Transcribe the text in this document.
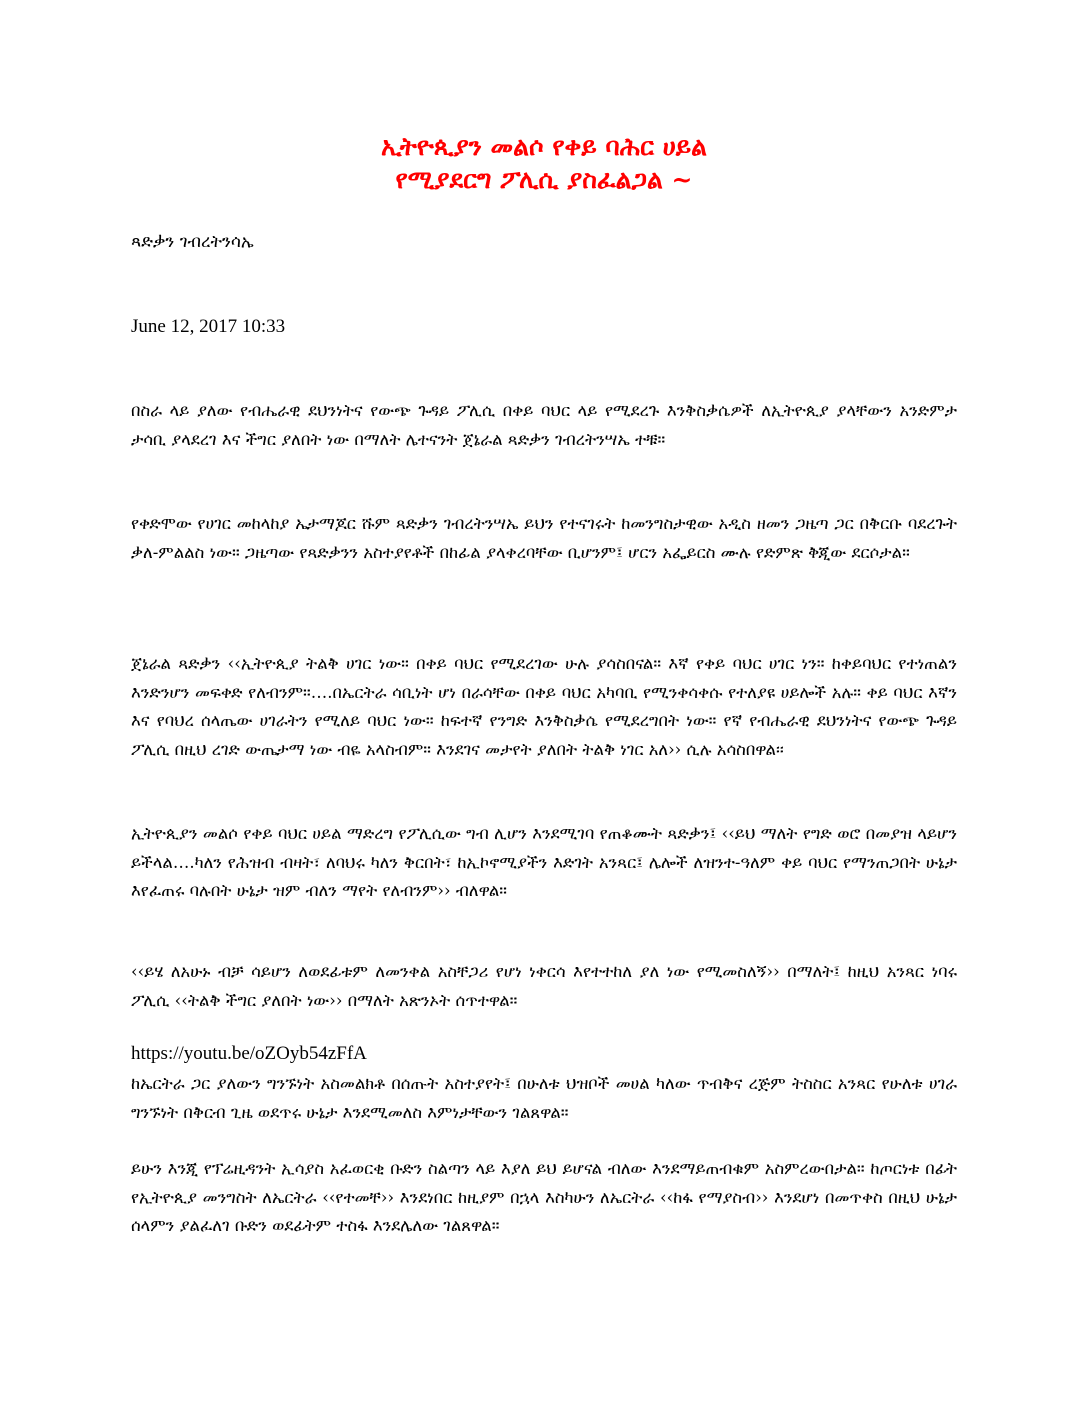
ኢትዮጲያን መልሶ የቀይ ባሕር ሀይል
የሚያደርግ ፖሊሲ ያስፈልጋል ~

ጻድቃን ገብረትንሳኤ

June 12, 2017 10:33

በስራ ላይ ያለው የብሔራዊ ደህንነትና የውጭ ጉዳይ ፖሊሲ በቀይ ባህር ላይ የሚደረጉ እንቅስቃሴዎች ለኢትዮጲያ ያላቸውን አንድምታ ታሳቢ ያላደረገ እና ችግር ያለበት ነው በማለት ሌተናንት ጀኔራል ጻድቃን ገብረትንሣኤ ተቹ።

የቀድሞው የሀገር መከላከያ ኤታማጆር ሹም ጻድቃን ገብረትንሣኤ ይህን የተናገሩት ከመንግስታዊው አዲስ ዘመን ጋዜጣ ጋር በቅርቡ ባደረጉት ቃለ-ምልልስ ነው። ጋዜጣው የጻድቃንን አስተያየቶች በከፊል ያላቀረባቸው ቢሆንም፤ ሆርን አፌይርስ ሙሉ የድምጽ ቅጂው ደርሶታል።

ጀኔራል ጻድቃን ‹‹ኢትዮጲያ ትልቅ ሀገር ነው። በቀይ ባህር የሚደረገው ሁሉ ያሳስበናል። እኛ የቀይ ባህር ሀገር ነን። ከቀይባህር የተነጠልን እንድንሆን መፍቀድ የለብንም።….በኤርትራ ሳቢነት ሆነ በራሳቸው በቀይ ባህር አካባቢ የሚንቀሳቀሱ የተለያዩ ሀይሎች አሉ። ቀይ ባህር እኛን እና የባህረ ሰላጤው ሀገራትን የሚለይ ባህር ነው። ከፍተኛ የንግድ እንቅስቃሴ የሚደረግበት ነው። የኛ የብሔራዊ ደህንነትና የውጭ ጉዳይ ፖሊሲ በዚህ ረገድ ውጤታማ ነው ብዬ አላስብም። እንደገና መታየት ያለበት ትልቅ ነገር አለ›› ሲሉ አሳስበዋል፡፡

ኢትዮጲያን መልሶ የቀይ ባህር ሀይል ማድረግ የፖሊሲው ግብ ሊሆን እንደሚገባ የጠቆሙት ጻድቃን፤ ‹‹ይህ ማለት የግድ ወሮ በመያዝ ላይሆን ይችላል….ካለን የሕዝብ ብዛት፣ ለባህሩ ካለን ቅርበት፣ ከኢኮኖሚያችን እድገት አንጻር፤ ሌሎች ለዝንተ-ዓለም ቀይ ባህር የማንጠጋበት ሁኔታ እየፈጠሩ ባሉበት ሁኔታ ዝም ብለን ማየት የለብንም›› ብለዋል።

‹‹ይሄ ለአሁኑ ብቻ ሳይሆን ለወደፊቱም ለመንቀል አስቸጋሪ የሆነ ነቀርሳ እየተተከለ ያለ ነው የሚመስለኝ›› በማለት፤ ከዚህ አንጻር ነባሩ ፖሊሲ ‹‹ትልቅ ችግር ያለበት ነው›› በማለት አጽንኦት ሰጥተዋል።

https://youtu.be/oZOyb54zFfA

ከኤርትራ ጋር ያለውን ግንኙነት አስመልክቶ በሰጡት አስተያየት፤ በሁለቱ ህዝቦች መሀል ካለው ጥብቅና ረጅም ትስስር አንጻር የሁለቱ ሀገራ ግንኙነት በቅርብ ጊዜ ወደጥሩ ሁኔታ እንደሚመለስ እምነታቸውን ገልጸዋል።

ይሁን እንጂ የፕሬዚዳንት ኢሳያስ አፈወርቂ ቡድን ስልጣን ላይ እያለ ይህ ይሆናል ብለው እንደማይጠብቁም አስምረውበታል። ከጦርነቱ በፊት የኢትዮጲያ መንግስት ለኤርትራ ‹‹የተመቸ›› እንደነበር ከዚያም በኋላ እስካሁን ለኤርትራ ‹‹ከፋ የማያስብ›› እንደሆነ በመጥቀስ በዚህ ሁኔታ ሰላምን ያልፈለገ ቡድን ወደፊትም ተስፋ እንደሌለው ገልጸዋል።
